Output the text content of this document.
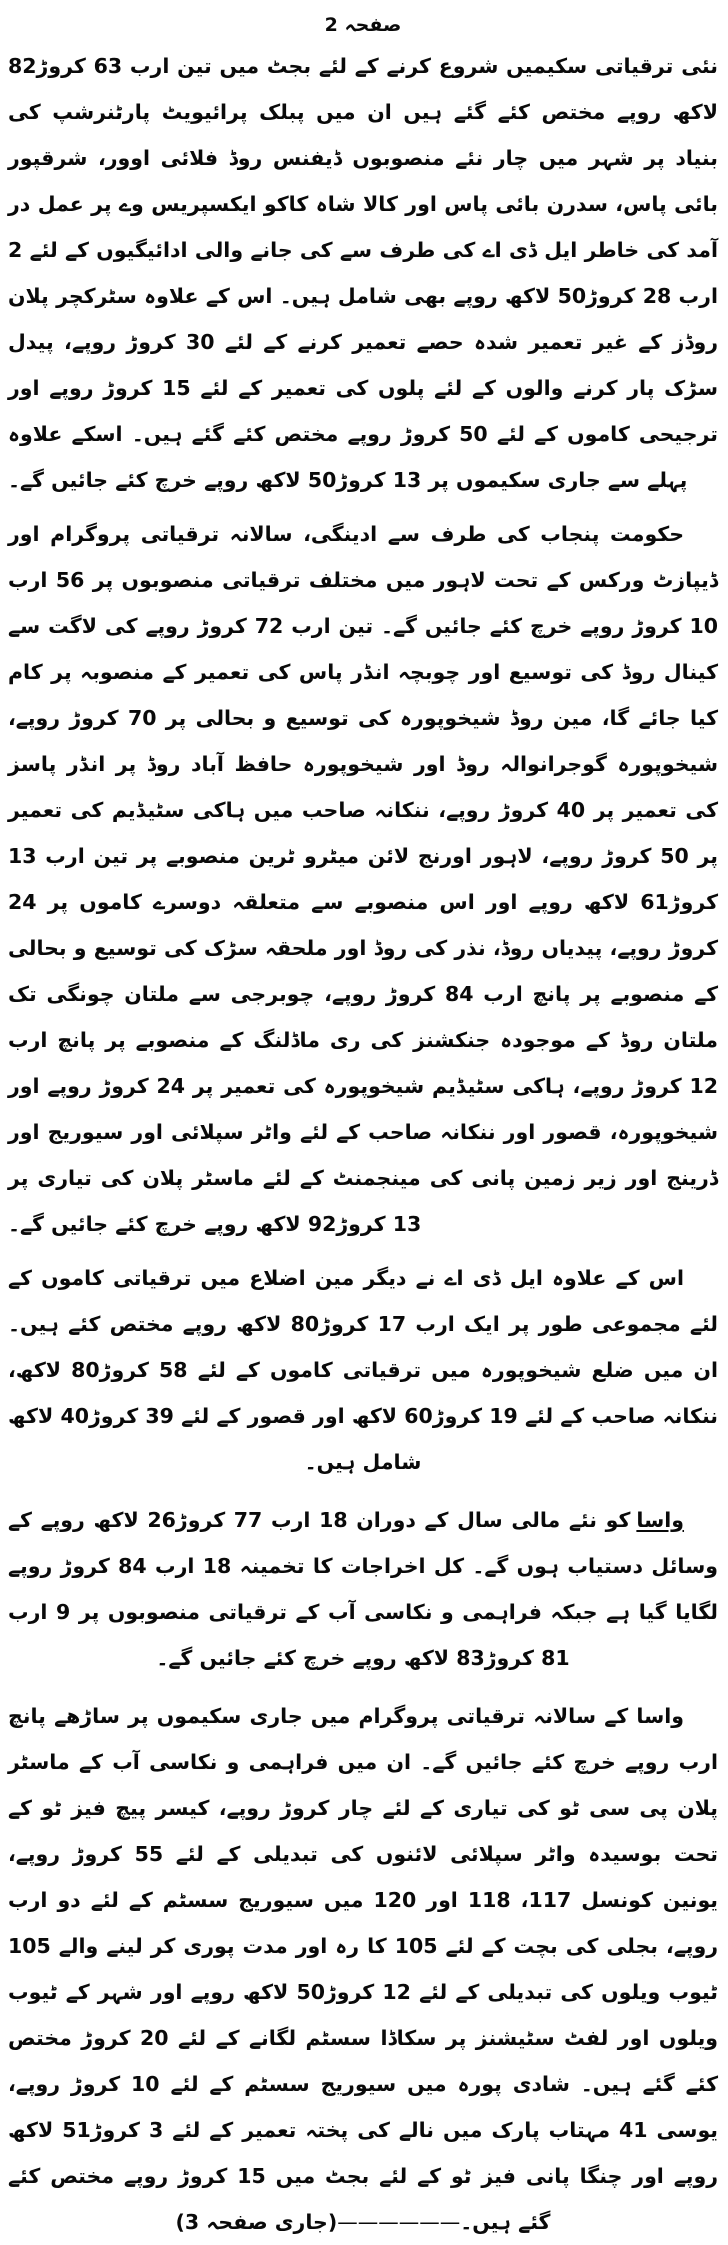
صفحہ 2

نئی ترقیاتی سکیمیں شروع کرنے کے لئے بجٹ میں تین ارب 63 کروڑ82 لاکھ روپے مختص کئے گئے ہیں ان میں پبلک پرائیویٹ پارٹنرشپ کی بنیاد پر شہر میں چار نئے منصوبوں ڈیفنس روڈ فلائی اوور، شرقپور بائی پاس، سدرن بائی پاس اور کالا شاہ کاکو ایکسپریس وے پر عمل در آمد کی خاطر ایل ڈی اے کی طرف سے کی جانے والی ادائیگیوں کے لئے 2 ارب 28 کروڑ50 لاکھ روپے بھی شامل ہیں۔ اس کے علاوہ سٹرکچر پلان روڈز کے غیر تعمیر شدہ حصے تعمیر کرنے کے لئے 30 کروڑ روپے، پیدل سڑک پار کرنے والوں کے لئے پلوں کی تعمیر کے لئے 15 کروڑ روپے اور ترجیحی کاموں کے لئے 50 کروڑ روپے مختص کئے گئے ہیں۔ اسکے علاوہ پہلے سے جاری سکیموں پر 13 کروڑ50 لاکھ روپے خرچ کئے جائیں گے۔

حکومت پنجاب کی طرف سے ادینگی، سالانہ ترقیاتی پروگرام اور ڈیپازٹ ورکس کے تحت لاہور میں مختلف ترقیاتی منصوبوں پر 56 ارب 10 کروڑ روپے خرچ کئے جائیں گے۔ تین ارب 72 کروڑ روپے کی لاگت سے کینال روڈ کی توسیع اور چوبچہ انڈر پاس کی تعمیر کے منصوبہ پر کام کیا جائے گا، مین روڈ شیخوپورہ کی توسیع و بحالی پر 70 کروڑ روپے، شیخوپورہ گوجرانوالہ روڈ اور شیخوپورہ حافظ آباد روڈ پر انڈر پاسز کی تعمیر پر 40 کروڑ روپے، ننکانہ صاحب میں ہاکی سٹیڈیم کی تعمیر پر 50 کروڑ روپے، لاہور اورنج لائن میٹرو ٹرین منصوبے پر تین ارب 13 کروڑ61 لاکھ روپے اور اس منصوبے سے متعلقہ دوسرے کاموں پر 24 کروڑ روپے، پیدیاں روڈ، نذر کی روڈ اور ملحقہ سڑک کی توسیع و بحالی کے منصوبے پر پانچ ارب 84 کروڑ روپے، چوبرجی سے ملتان چونگی تک ملتان روڈ کے موجودہ جنکشنز کی ری ماڈلنگ کے منصوبے پر پانچ ارب 12 کروڑ روپے، ہاکی سٹیڈیم شیخوپورہ کی تعمیر پر 24 کروڑ روپے اور شیخوپورہ، قصور اور ننکانہ صاحب کے لئے واٹر سپلائی اور سیوریج اور ڈرینج اور زیر زمین پانی کی مینجمنٹ کے لئے ماسٹر پلان کی تیاری پر 13 کروڑ92 لاکھ روپے خرچ کئے جائیں گے۔

اس کے علاوہ ایل ڈی اے نے دیگر مین اضلاع میں ترقیاتی کاموں کے لئے مجموعی طور پر ایک ارب 17 کروڑ80 لاکھ روپے مختص کئے ہیں۔ ان میں ضلع شیخوپورہ میں ترقیاتی کاموں کے لئے 58 کروڑ80 لاکھ، ننکانہ صاحب کے لئے 19 کروڑ60 لاکھ اور قصور کے لئے 39 کروڑ40 لاکھ شامل ہیں۔

واساکو نئے مالی سال کے دوران 18 ارب 77 کروڑ26 لاکھ روپے کے وسائل دستیاب ہوں گے۔ کل اخراجات کا تخمینہ 18 ارب 84 کروڑ روپے لگایا گیا ہے جبکہ فراہمی و نکاسی آب کے ترقیاتی منصوبوں پر 9 ارب 81 کروڑ83 لاکھ روپے خرچ کئے جائیں گے۔

واسا کے سالانہ ترقیاتی پروگرام میں جاری سکیموں پر ساڑھے پانچ ارب روپے خرچ کئے جائیں گے۔ ان میں فراہمی و نکاسی آب کے ماسٹر پلان پی سی ٹو کی تیاری کے لئے چار کروڑ روپے، کیسر پیچ فیز ٹو کے تحت بوسیدہ واٹر سپلائی لائنوں کی تبدیلی کے لئے 55 کروڑ روپے، یونین کونسل 117، 118 اور 120 میں سیوریج سسٹم کے لئے دو ارب روپے، بجلی کی بچت کے لئے 105 کا رہ اور مدت پوری کر لینے والے 105 ٹیوب ویلوں کی تبدیلی کے لئے 12 کروڑ50 لاکھ روپے اور شہر کے ٹیوب ویلوں اور لفٹ سٹیشنز پر سکاڈا سسٹم لگانے کے لئے 20 کروڑ مختص کئے گئے ہیں۔ شادی پورہ میں سیوریج سسٹم کے لئے 10 کروڑ روپے، یوسی 41 مہتاب پارک میں نالے کی پختہ تعمیر کے لئے 3 کروڑ51 لاکھ روپے اور چنگا پانی فیز ٹو کے لئے بجٹ میں 15 کروڑ روپے مختص کئے گئے ہیں۔——————(جاری صفحہ 3)
